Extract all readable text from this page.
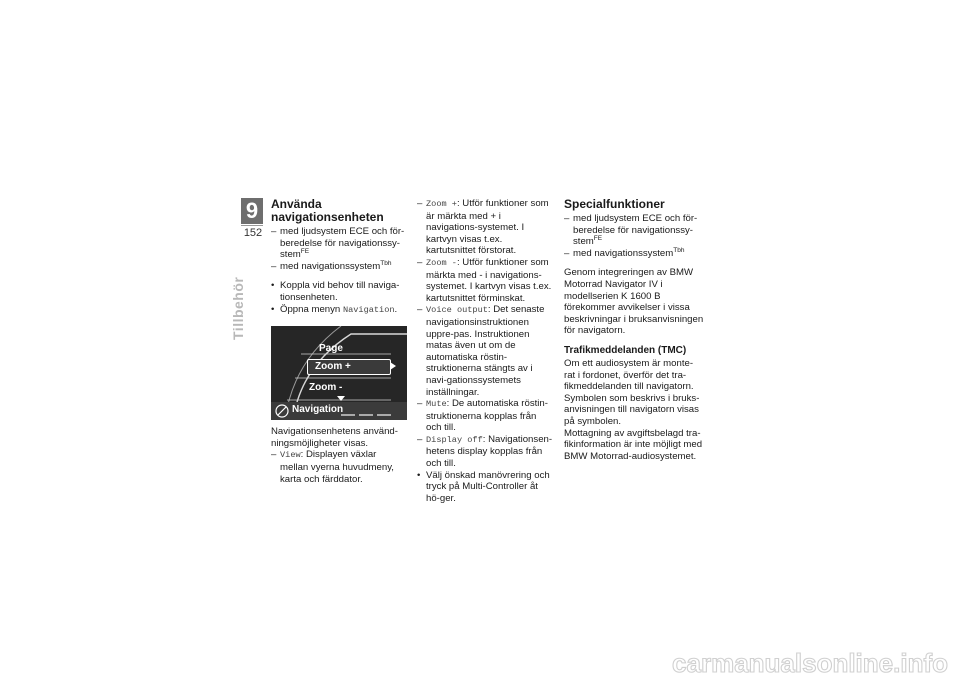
9
152
Tillbehör
Använda navigationsenheten
– med ljudsystem ECE och för-beredelse för navigationssy-stem$^{FE}$
– med navigationssystem$^{Tbh}$
• Koppla vid behov till naviga-tionsenheten.
• Öppna menyn Navigation.
Page
Zoom +
Zoom -
Navigation

Navigationsenhetens använd-ningsmöjligheter visas.

– View: Displayen växlar mellan vyerna huvudmeny, karta och färddator.
– Zoom +: Utför funktioner som är märkta med + i navigations-systemet. I kartvyn visas t.ex. kartutsnittet förstorat.
– Zoom -: Utför funktioner som märkta med - i navigations-systemet. I kartvyn visas t.ex. kartutsnittet förminskat.
– Voice output: Det senaste navigationsinstruktionen uppre-pas. Instruktionen matas även ut om de automatiska röstin-struktionerna stängts av i navi-gationssystemets inställningar.
– Mute: De automatiska röstin-struktionerna kopplas från och till.
– Display off: Navigationsen-hetens display kopplas från och till.
• Välj önskad manövrering och tryck på Multi-Controller åt hö-ger.
Specialfunktioner
– med ljudsystem ECE och för-beredelse för navigationssy-stem$^{FE}$
– med navigationssystem$^{Tbh}$

Genom integreringen av BMW Motorrad Navigator IV i modellserien K 1600 B förekommer avvikelser i vissa beskrivningar i bruksanvisningen för navigatorn.

Trafikmeddelanden (TMC)

Om ett audiosystem är monte-rat i fordonet, överför det tra-fikmeddelanden till navigatorn. Symbolen som beskrivs i bruks-anvisningen till navigatorn visas på symbolen.

Mottagning av avgiftsbelagd tra-fikinformation är inte möjligt med BMW Motorrad-audiosystemet.

carmanualsonline.info
